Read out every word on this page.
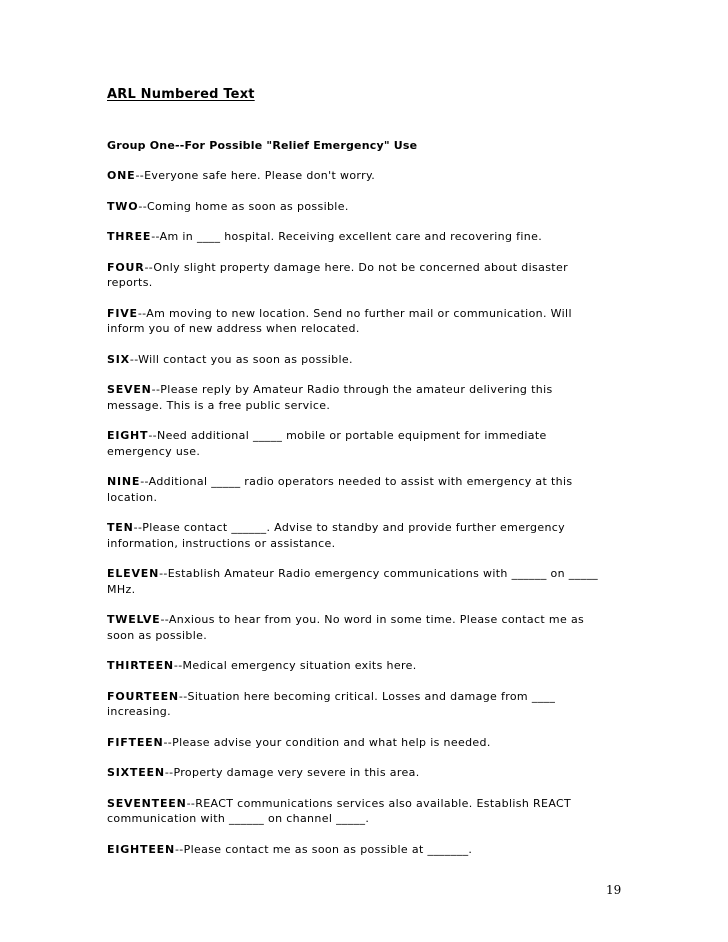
ARL Numbered Text
Group One--For Possible "Relief Emergency" Use

ONE--Everyone safe here. Please don't worry.

TWO--Coming home as soon as possible.

THREE--Am in ____ hospital. Receiving excellent care and recovering fine.

FOUR--Only slight property damage here. Do not be concerned about disaster reports.

FIVE--Am moving to new location. Send no further mail or communication. Will inform you of new address when relocated.

SIX--Will contact you as soon as possible.

SEVEN--Please reply by Amateur Radio through the amateur delivering this message. This is a free public service.

EIGHT--Need additional _____ mobile or portable equipment for immediate emergency use.

NINE--Additional _____ radio operators needed to assist with emergency at this location.

TEN--Please contact ______. Advise to standby and provide further emergency information, instructions or assistance.

ELEVEN--Establish Amateur Radio emergency communications with ______ on _____ MHz.

TWELVE--Anxious to hear from you. No word in some time. Please contact me as soon as possible.

THIRTEEN--Medical emergency situation exits here.

FOURTEEN--Situation here becoming critical. Losses and damage from ____ increasing.

FIFTEEN--Please advise your condition and what help is needed.

SIXTEEN--Property damage very severe in this area.

SEVENTEEN--REACT communications services also available. Establish REACT communication with ______ on channel _____.

EIGHTEEN--Please contact me as soon as possible at _______.

19
